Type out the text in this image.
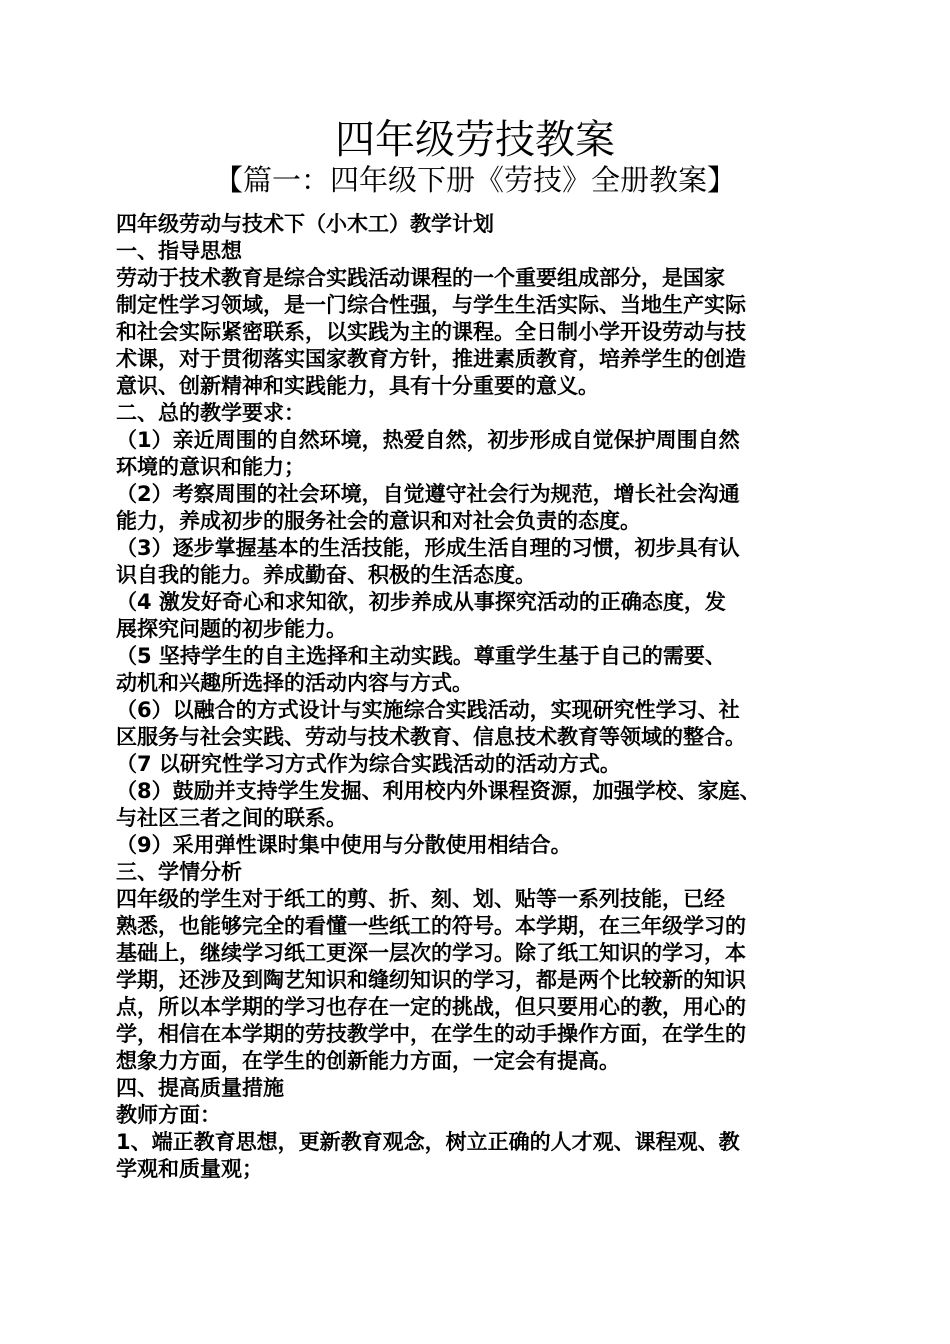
四年级劳技教案
【篇一：四年级下册《劳技》全册教案】
四年级劳动与技术下（小木工）教学计划
一、指导思想
劳动于技术教育是综合实践活动课程的一个重要组成部分，是国家
制定性学习领域，是一门综合性强，与学生生活实际、当地生产实际
和社会实际紧密联系，以实践为主的课程。全日制小学开设劳动与技
术课，对于贯彻落实国家教育方针，推进素质教育，培养学生的创造
意识、创新精神和实践能力，具有十分重要的意义。
二、总的教学要求：
（1）亲近周围的自然环境，热爱自然，初步形成自觉保护周围自然
环境的意识和能力；
（2）考察周围的社会环境，自觉遵守社会行为规范，增长社会沟通
能力，养成初步的服务社会的意识和对社会负责的态度。
（3）逐步掌握基本的生活技能，形成生活自理的习惯，初步具有认
识自我的能力。养成勤奋、积极的生活态度。
（4 激发好奇心和求知欲，初步养成从事探究活动的正确态度，发
展探究问题的初步能力。
（5 坚持学生的自主选择和主动实践。尊重学生基于自己的需要、
动机和兴趣所选择的活动内容与方式。
（6）以融合的方式设计与实施综合实践活动，实现研究性学习、社
区服务与社会实践、劳动与技术教育、信息技术教育等领域的整合。
（7 以研究性学习方式作为综合实践活动的活动方式。
（8）鼓励并支持学生发掘、利用校内外课程资源，加强学校、家庭、
与社区三者之间的联系。
（9）采用弹性课时集中使用与分散使用相结合。
三、学情分析
四年级的学生对于纸工的剪、折、刻、划、贴等一系列技能，已经
熟悉，也能够完全的看懂一些纸工的符号。本学期，在三年级学习的
基础上，继续学习纸工更深一层次的学习。除了纸工知识的学习，本
学期，还涉及到陶艺知识和缝纫知识的学习，都是两个比较新的知识
点，所以本学期的学习也存在一定的挑战，但只要用心的教，用心的
学，相信在本学期的劳技教学中，在学生的动手操作方面，在学生的
想象力方面，在学生的创新能力方面，一定会有提高。
四、提高质量措施
教师方面：
1、端正教育思想，更新教育观念，树立正确的人才观、课程观、教
学观和质量观；
